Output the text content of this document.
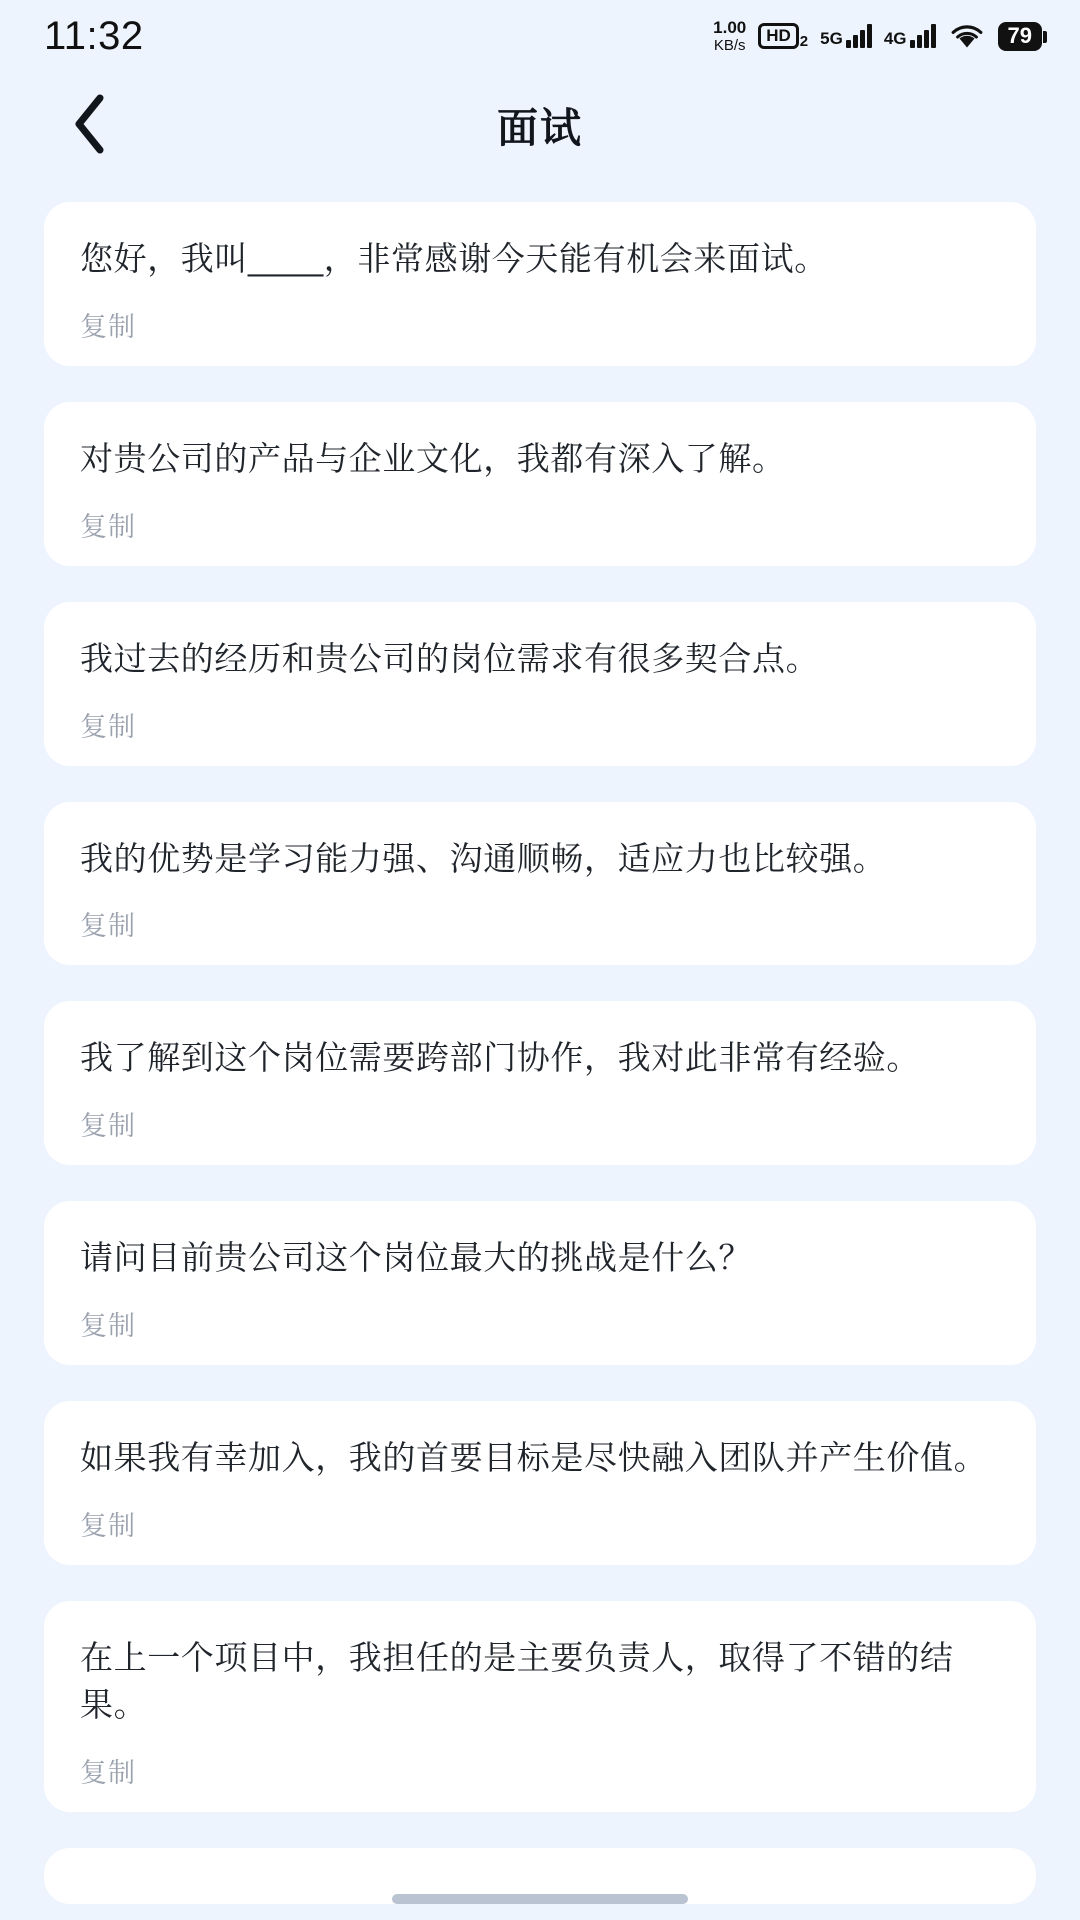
11:32	1.00
KB/s
HD 2 5G 4G	79
面试
您好，我叫____，非常感谢今天能有机会来面试。
复制
对贵公司的产品与企业文化，我都有深入了解。
复制
我过去的经历和贵公司的岗位需求有很多契合点。
复制
我的优势是学习能力强、沟通顺畅，适应力也比较强。
复制
我了解到这个岗位需要跨部门协作，我对此非常有经验。
复制
请问目前贵公司这个岗位最大的挑战是什么？
复制
如果我有幸加入，我的首要目标是尽快融入团队并产生价值。
复制
在上一个项目中，我担任的是主要负责人，取得了不错的结果。
复制
